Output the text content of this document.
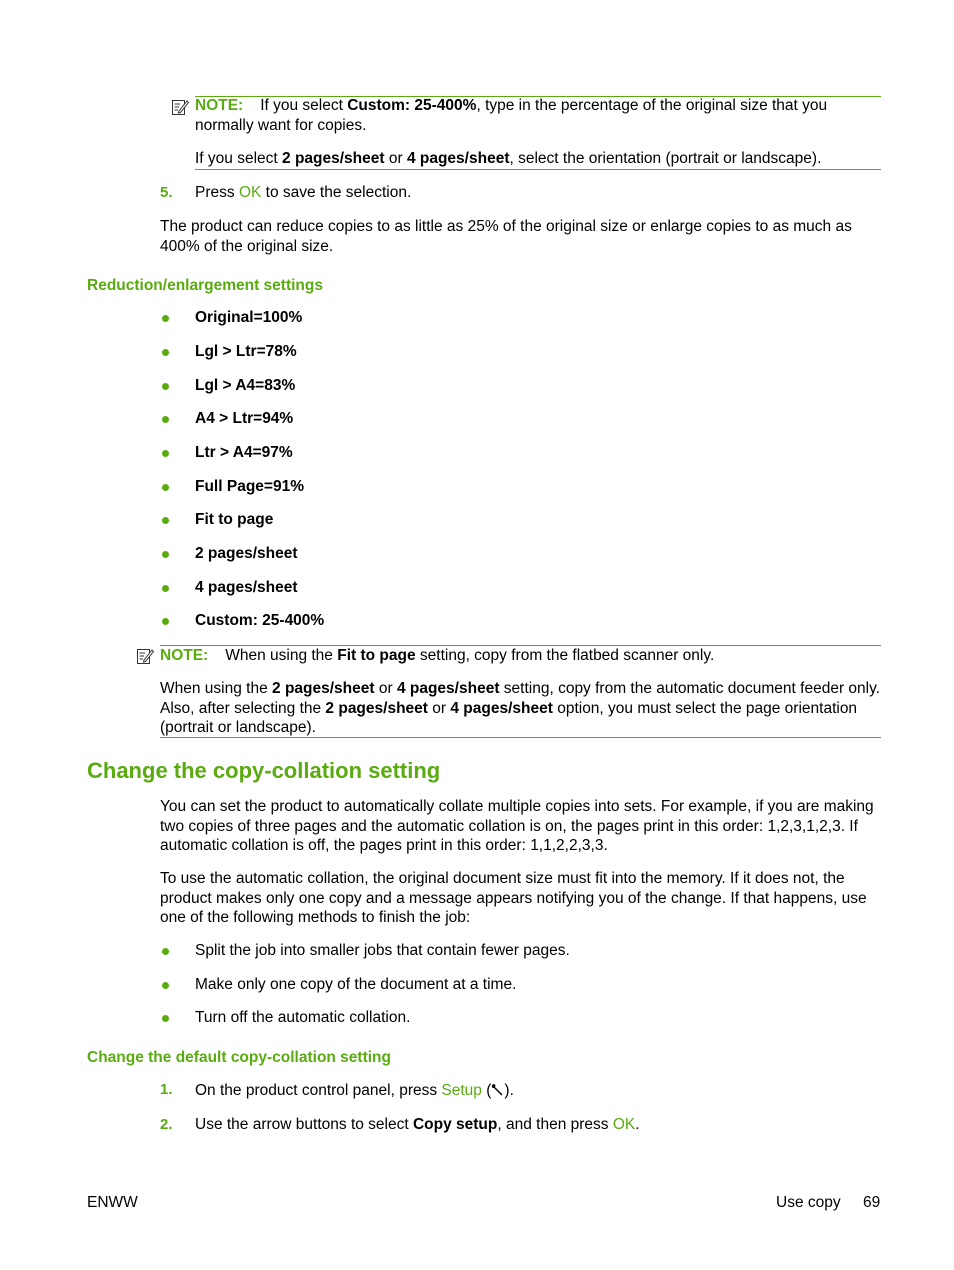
NOTE: If you select Custom: 25-400%, type in the percentage of the original size that you normally want for copies.
If you select 2 pages/sheet or 4 pages/sheet, select the orientation (portrait or landscape).
5. Press OK to save the selection.

The product can reduce copies to as little as 25% of the original size or enlarge copies to as much as 400% of the original size.

Reduction/enlargement settings
Original=100%
Lgl > Ltr=78%
Lgl > A4=83%
A4 > Ltr=94%
Ltr > A4=97%
Full Page=91%
Fit to page
2 pages/sheet
4 pages/sheet
Custom: 25-400%
NOTE: When using the Fit to page setting, copy from the flatbed scanner only.
When using the 2 pages/sheet or 4 pages/sheet setting, copy from the automatic document feeder only. Also, after selecting the 2 pages/sheet or 4 pages/sheet option, you must select the page orientation (portrait or landscape).
Change the copy-collation setting

You can set the product to automatically collate multiple copies into sets. For example, if you are making two copies of three pages and the automatic collation is on, the pages print in this order: 1,2,3,1,2,3. If automatic collation is off, the pages print in this order: 1,1,2,2,3,3.

To use the automatic collation, the original document size must fit into the memory. If it does not, the product makes only one copy and a message appears notifying you of the change. If that happens, use one of the following methods to finish the job:

Split the job into smaller jobs that contain fewer pages.
Make only one copy of the document at a time.
Turn off the automatic collation.
Change the default copy-collation setting
1. On the product control panel, press Setup ( ).
2. Use the arrow buttons to select Copy setup, and then press OK.
ENWW	Use copy 69
